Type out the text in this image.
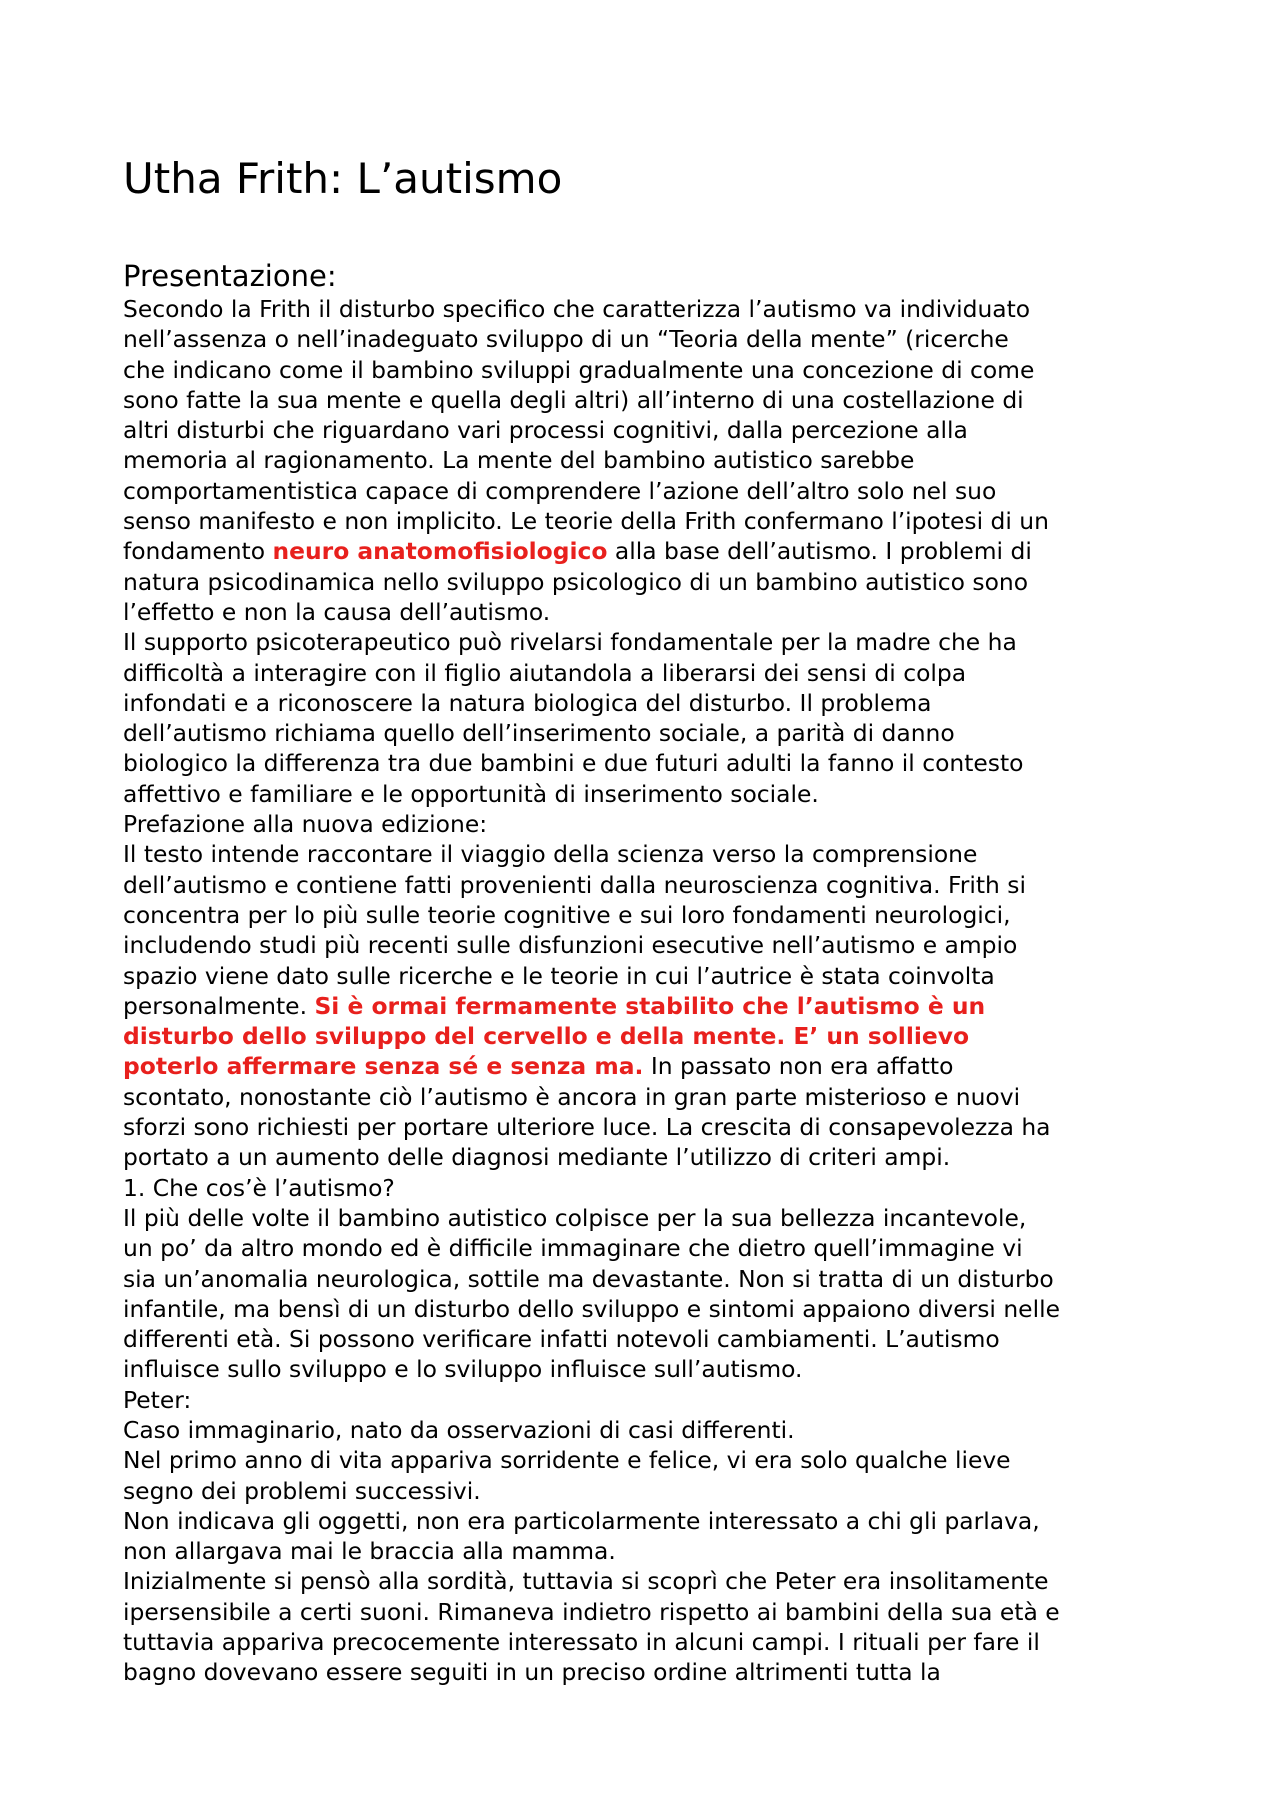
Utha Frith: L’autismo
Presentazione:
Secondo la Frith il disturbo specifico che caratterizza l’autismo va individuato
nell’assenza o nell’inadeguato sviluppo di un “Teoria della mente” (ricerche
che indicano come il bambino sviluppi gradualmente una concezione di come
sono fatte la sua mente e quella degli altri) all’interno di una costellazione di
altri disturbi che riguardano vari processi cognitivi, dalla percezione alla
memoria al ragionamento. La mente del bambino autistico sarebbe
comportamentistica capace di comprendere l’azione dell’altro solo nel suo
senso manifesto e non implicito. Le teorie della Frith confermano l’ipotesi di un
fondamento neuro anatomofisiologico alla base dell’autismo. I problemi di
natura psicodinamica nello sviluppo psicologico di un bambino autistico sono
l’effetto e non la causa dell’autismo.
Il supporto psicoterapeutico può rivelarsi fondamentale per la madre che ha
difficoltà a interagire con il figlio aiutandola a liberarsi dei sensi di colpa
infondati e a riconoscere la natura biologica del disturbo. Il problema
dell’autismo richiama quello dell’inserimento sociale, a parità di danno
biologico la differenza tra due bambini e due futuri adulti la fanno il contesto
affettivo e familiare e le opportunità di inserimento sociale.
Prefazione alla nuova edizione:
Il testo intende raccontare il viaggio della scienza verso la comprensione
dell’autismo e contiene fatti provenienti dalla neuroscienza cognitiva. Frith si
concentra per lo più sulle teorie cognitive e sui loro fondamenti neurologici,
includendo studi più recenti sulle disfunzioni esecutive nell’autismo e ampio
spazio viene dato sulle ricerche e le teorie in cui l’autrice è stata coinvolta
personalmente. Si è ormai fermamente stabilito che l’autismo è un
disturbo dello sviluppo del cervello e della mente. E’ un sollievo
poterlo affermare senza sé e senza ma. In passato non era affatto
scontato, nonostante ciò l’autismo è ancora in gran parte misterioso e nuovi
sforzi sono richiesti per portare ulteriore luce. La crescita di consapevolezza ha
portato a un aumento delle diagnosi mediante l’utilizzo di criteri ampi.
1. Che cos’è l’autismo?
Il più delle volte il bambino autistico colpisce per la sua bellezza incantevole,
un po’ da altro mondo ed è difficile immaginare che dietro quell’immagine vi
sia un’anomalia neurologica, sottile ma devastante. Non si tratta di un disturbo
infantile, ma bensì di un disturbo dello sviluppo e sintomi appaiono diversi nelle
differenti età. Si possono verificare infatti notevoli cambiamenti. L’autismo
influisce sullo sviluppo e lo sviluppo influisce sull’autismo.
Peter:
Caso immaginario, nato da osservazioni di casi differenti.
Nel primo anno di vita appariva sorridente e felice, vi era solo qualche lieve
segno dei problemi successivi.
Non indicava gli oggetti, non era particolarmente interessato a chi gli parlava,
non allargava mai le braccia alla mamma.
Inizialmente si pensò alla sordità, tuttavia si scoprì che Peter era insolitamente
ipersensibile a certi suoni. Rimaneva indietro rispetto ai bambini della sua età e
tuttavia appariva precocemente interessato in alcuni campi. I rituali per fare il
bagno dovevano essere seguiti in un preciso ordine altrimenti tutta la
